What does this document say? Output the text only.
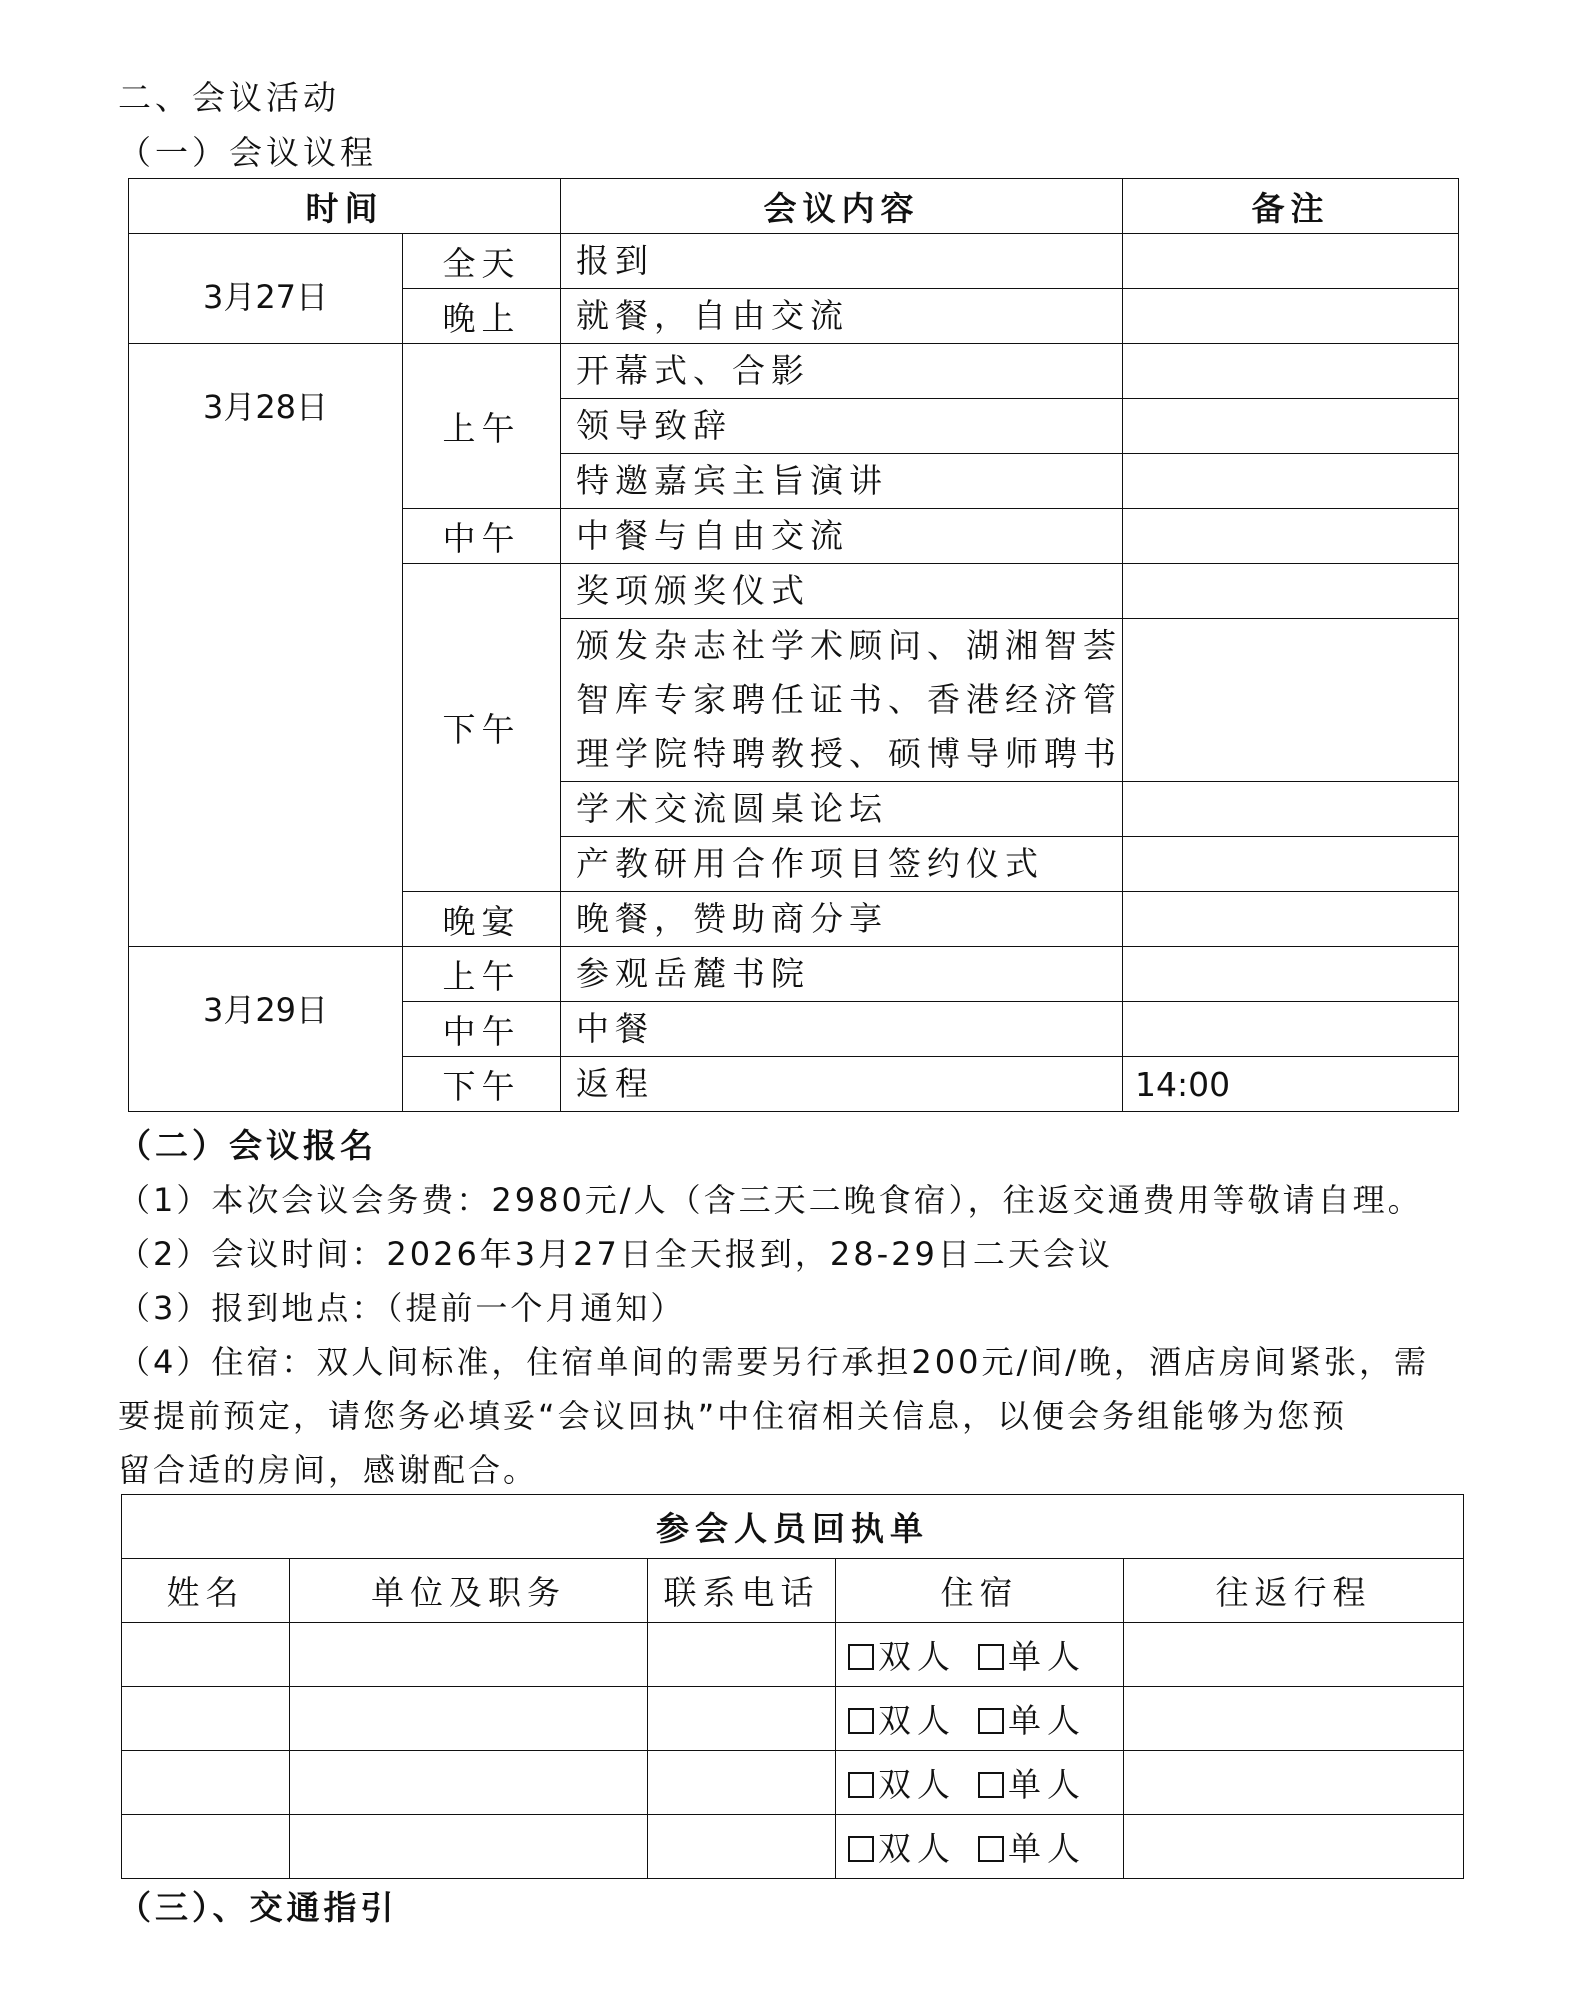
二、会议活动
（一）会议议程
时间		会议内容	备注
3月27日	全天	报到	
	晚上	就餐，自由交流	
3月28日	上午	开幕式、合影	
		领导致辞	
		特邀嘉宾主旨演讲	
	中午	中餐与自由交流	
	下午	奖项颁奖仪式	

		颁发杂志社学术顾问、湖湘智荟
智库专家聘任证书、香港经济管
理学院特聘教授、硕博导师聘书	

		学术交流圆桌论坛	
		产教研用合作项目签约仪式	
	晚宴	晚餐，赞助商分享	
3月29日	上午	参观岳麓书院	
	中午	中餐	
	下午	返程	14:00
（二）会议报名
（1）本次会议会务费：2980元/人（含三天二晚食宿），往返交通费用等敬请自理。
（2）会议时间：2026年3月27日全天报到，28-29日二天会议
（3）报到地点：（提前一个月通知）
（4）住宿：双人间标准，住宿单间的需要另行承担200元/间/晚，酒店房间紧张，需
要提前预定，请您务必填妥“会议回执”中住宿相关信息，以便会务组能够为您预
留合适的房间，感谢配合。
参会人员回执单				
姓名	单位及职务	联系电话	住宿	往返行程
			双人 单人	
			双人 单人	
			双人 单人	
			双人 单人	
（三）、交通指引
